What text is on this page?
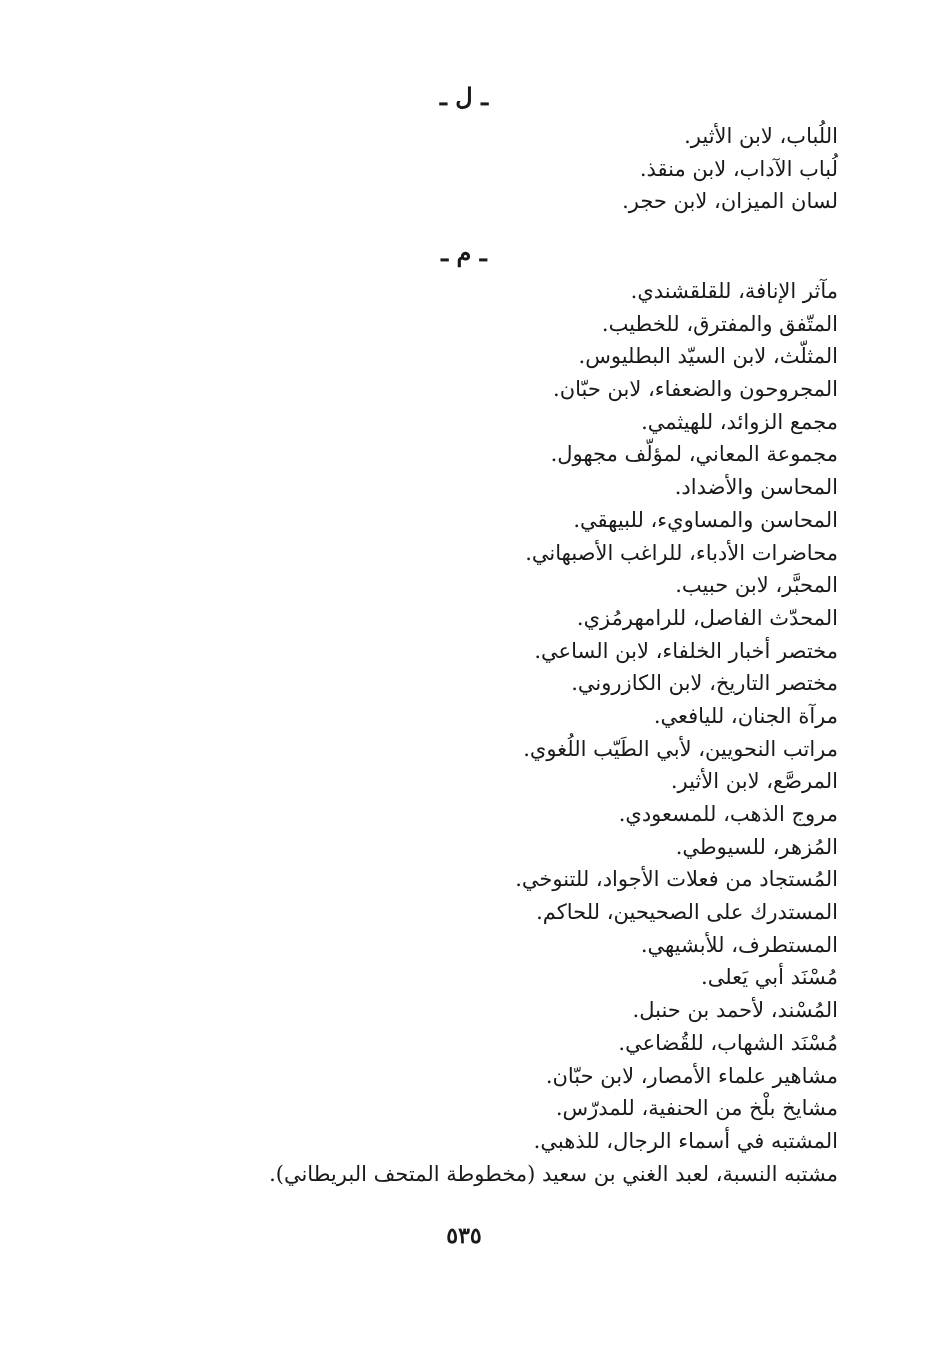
ـ ل ـ
اللُباب، لابن الأثير.
لُباب الآداب، لابن منقذ.
لسان الميزان، لابن حجر.
ـ م ـ
مآثر الإنافة، للقلقشندي.
المتّفق والمفترق، للخطيب.
المثلّث، لابن السيّد البطليوس.
المجروحون والضعفاء، لابن حبّان.
مجمع الزوائد، للهيثمي.
مجموعة المعاني، لمؤلّف مجهول.
المحاسن والأضداد.
المحاسن والمساويء، للبيهقي.
محاضرات الأدباء، للراغب الأصبهاني.
المحبَّر، لابن حبيب.
المحدّث الفاصل، للرامهرمُزي.
مختصر أخبار الخلفاء، لابن الساعي.
مختصر التاريخ، لابن الكازروني.
مرآة الجنان، لليافعي.
مراتب النحويين، لأبي الطَيّب اللُغوي.
المرصَّع، لابن الأثير.
مروج الذهب، للمسعودي.
المُزهر، للسيوطي.
المُستجاد من فعلات الأجواد، للتنوخي.
المستدرك على الصحيحين، للحاكم.
المستطرف، للأبشيهي.
مُسْنَد أبي يَعلى.
المُسْند، لأحمد بن حنبل.
مُسْنَد الشهاب، للقُضاعي.
مشاهير علماء الأمصار، لابن حبّان.
مشايخ بلْخ من الحنفية، للمدرّس.
المشتبه في أسماء الرجال، للذهبي.
مشتبه النسبة، لعبد الغني بن سعيد (مخطوطة المتحف البريطاني).
٥٣٥
